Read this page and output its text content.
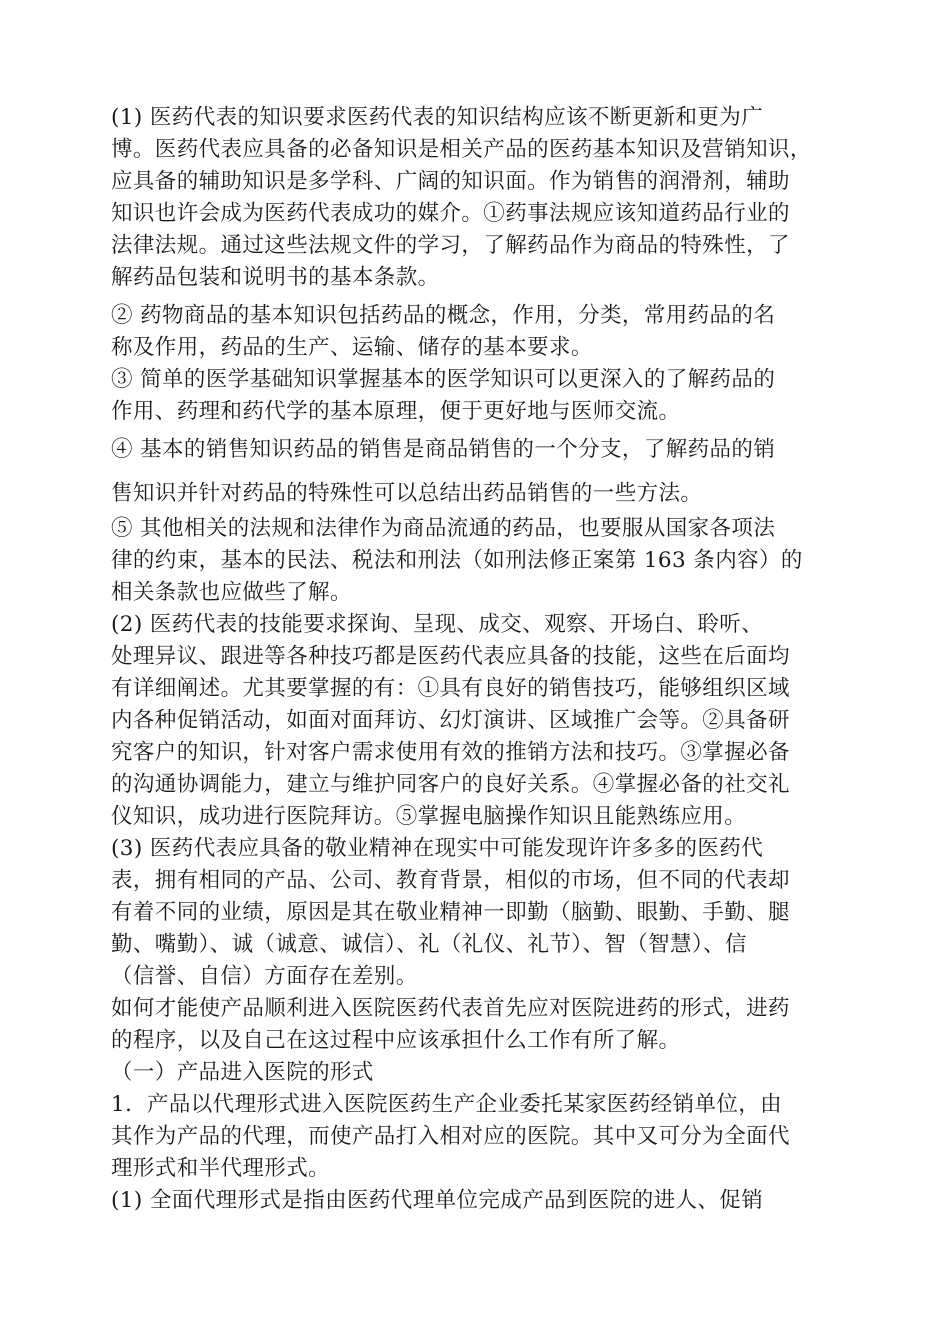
(1) 医药代表的知识要求医药代表的知识结构应该不断更新和更为广
博。医药代表应具备的必备知识是相关产品的医药基本知识及营销知识，
应具备的辅助知识是多学科、广阔的知识面。作为销售的润滑剂，辅助
知识也许会成为医药代表成功的媒介。①药事法规应该知道药品行业的
法律法规。通过这些法规文件的学习，了解药品作为商品的特殊性，了
解药品包装和说明书的基本条款。
② 药物商品的基本知识包括药品的概念，作用，分类，常用药品的名
称及作用，药品的生产、运输、储存的基本要求。
③ 简单的医学基础知识掌握基本的医学知识可以更深入的了解药品的
作用、药理和药代学的基本原理，便于更好地与医师交流。
④ 基本的销售知识药品的销售是商品销售的一个分支，了解药品的销
售知识并针对药品的特殊性可以总结出药品销售的一些方法。
⑤ 其他相关的法规和法律作为商品流通的药品，也要服从国家各项法
律的约束，基本的民法、税法和刑法（如刑法修正案第 163 条内容）的
相关条款也应做些了解。
(2) 医药代表的技能要求探询、呈现、成交、观察、开场白、聆听、
处理异议、跟进等各种技巧都是医药代表应具备的技能，这些在后面均
有详细阐述。尤其要掌握的有：①具有良好的销售技巧，能够组织区域
内各种促销活动，如面对面拜访、幻灯演讲、区域推广会等。②具备研
究客户的知识，针对客户需求使用有效的推销方法和技巧。③掌握必备
的沟通协调能力，建立与维护同客户的良好关系。④掌握必备的社交礼
仪知识，成功进行医院拜访。⑤掌握电脑操作知识且能熟练应用。
(3) 医药代表应具备的敬业精神在现实中可能发现许许多多的医药代
表，拥有相同的产品、公司、教育背景，相似的市场，但不同的代表却
有着不同的业绩，原因是其在敬业精神一即勤（脑勤、眼勤、手勤、腿
勤、嘴勤）、诚（诚意、诚信）、礼（礼仪、礼节）、智（智慧）、信
（信誉、自信）方面存在差别。
如何才能使产品顺利进入医院医药代表首先应对医院进药的形式，进药
的程序，以及自己在这过程中应该承担什么工作有所了解。
（一）产品进入医院的形式
1．产品以代理形式进入医院医药生产企业委托某家医药经销单位，由
其作为产品的代理，而使产品打入相对应的医院。其中又可分为全面代
理形式和半代理形式。
(1) 全面代理形式是指由医药代理单位完成产品到医院的进人、促销
